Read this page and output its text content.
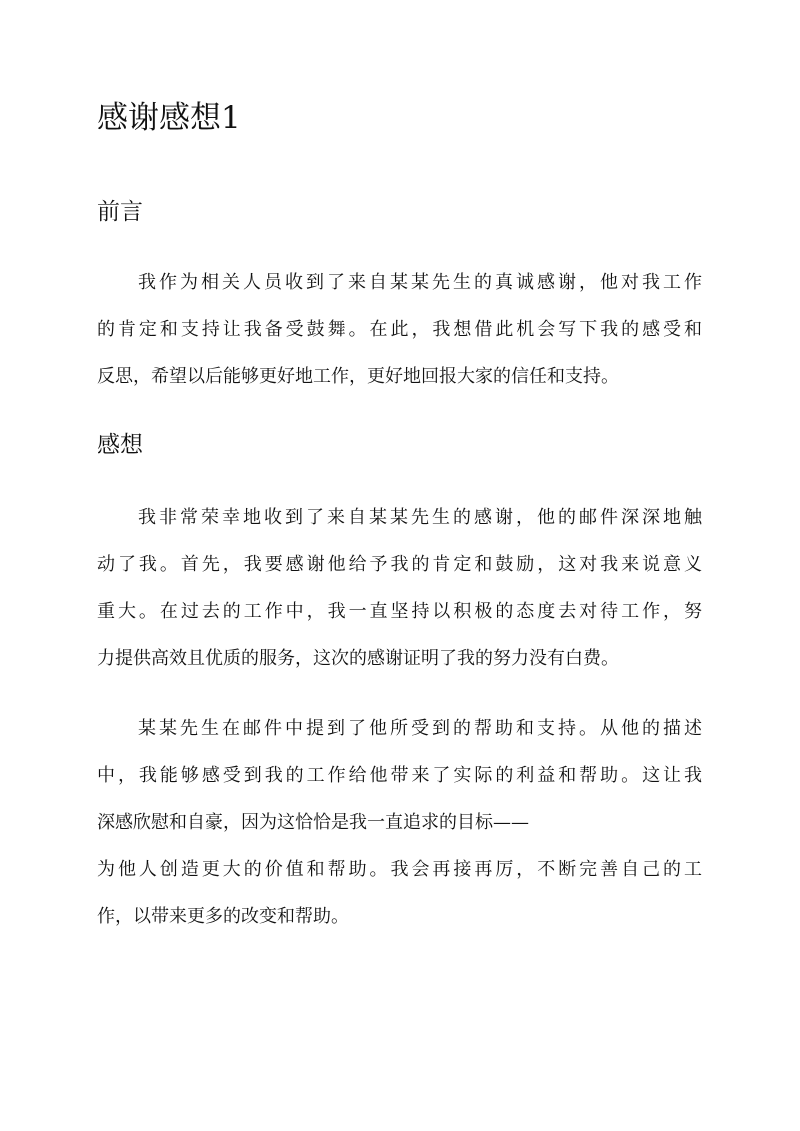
感谢感想1
前言
我作为相关人员收到了来自某某先生的真诚感谢，他对我工作
的肯定和支持让我备受鼓舞。在此，我想借此机会写下我的感受和
反思，希望以后能够更好地工作，更好地回报大家的信任和支持。
感想
我非常荣幸地收到了来自某某先生的感谢，他的邮件深深地触
动了我。首先，我要感谢他给予我的肯定和鼓励，这对我来说意义
重大。在过去的工作中，我一直坚持以积极的态度去对待工作，努
力提供高效且优质的服务，这次的感谢证明了我的努力没有白费。
某某先生在邮件中提到了他所受到的帮助和支持。从他的描述
中，我能够感受到我的工作给他带来了实际的利益和帮助。这让我
深感欣慰和自豪，因为这恰恰是我一直追求的目标——
为他人创造更大的价值和帮助。我会再接再厉，不断完善自己的工
作，以带来更多的改变和帮助。
